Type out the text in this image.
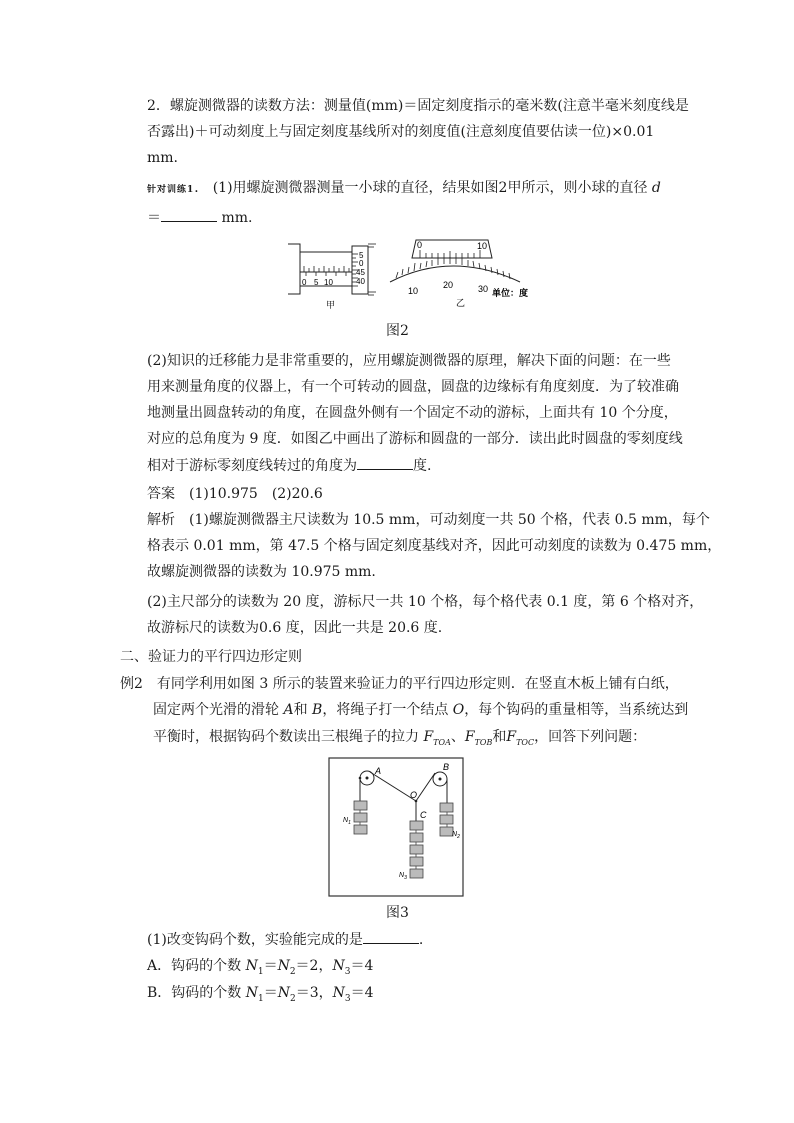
2．螺旋测微器的读数方法：测量值(mm)＝固定刻度指示的毫米数(注意半毫米刻度线是
否露出)＋可动刻度上与固定刻度基线所对的刻度值(注意刻度值要估读一位)×0.01
mm.
针对训练1． (1)用螺旋测微器测量一小球的直径，结果如图2甲所示，则小球的直径 d
＝	mm.
5
0
45
40
0 5 10
甲
0	10
10
20	30 单位：度
乙
图2
(2)知识的迁移能力是非常重要的，应用螺旋测微器的原理，解决下面的问题：在一些
用来测量角度的仪器上，有一个可转动的圆盘，圆盘的边缘标有角度刻度．为了较准确
地测量出圆盘转动的角度，在圆盘外侧有一个固定不动的游标，上面共有 10 个分度，
对应的总角度为 9 度．如图乙中画出了游标和圆盘的一部分．读出此时圆盘的零刻度线
相对于游标零刻度线转过的角度为	度.
答案　(1)10.975　(2)20.6
解析　(1)螺旋测微器主尺读数为 10.5 mm，可动刻度一共 50 个格，代表 0.5 mm，每个
格表示 0.01 mm，第 47.5 个格与固定刻度基线对齐，因此可动刻度的读数为 0.475 mm，
故螺旋测微器的读数为 10.975 mm.
(2)主尺部分的读数为 20 度，游标尺一共 10 个格，每个格代表 0.1 度，第 6 个格对齐，
故游标尺的读数为0.6 度，因此一共是 20.6 度.
二、验证力的平行四边形定则
例2　 有同学利用如图 3 所示的装置来验证力的平行四边形定则．在竖直木板上铺有白纸，
固定两个光滑的滑轮 A和 B，将绳子打一个结点 O，每个钩码的重量相等，当系统达到
平衡时，根据钩码个数读出三根绳子的拉力 $F_{TOA}$、$F_{TOB}$和$F_{TOC}$，回答下列问题：
A	B
O
C
$N_1$
$N_2$
$N_3$
图3
(1)改变钩码个数，实验能完成的是	.
A．钩码的个数 $N_1=N_2=2$，$N_3=4$
B．钩码的个数 $N_1=N_2=3$，$N_3=4$
